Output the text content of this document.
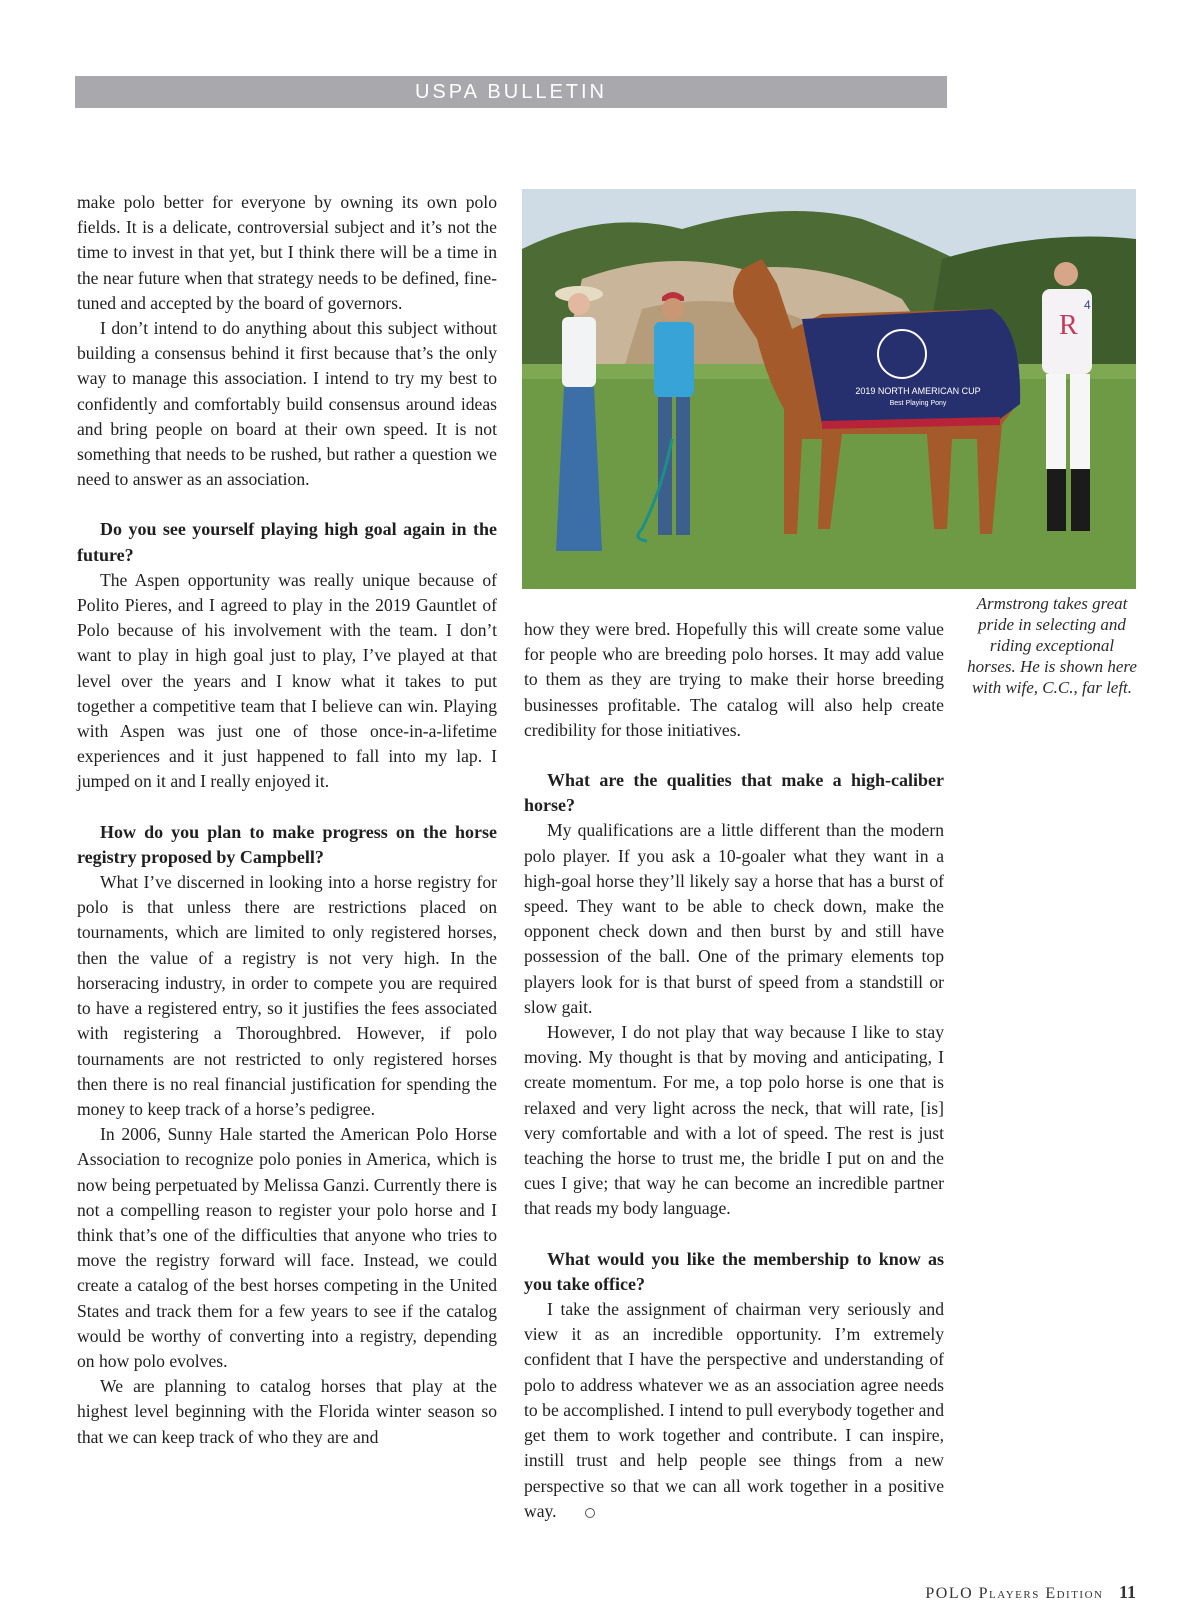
USPA BULLETIN

make polo better for everyone by owning its own polo fields. It is a delicate, controversial subject and it’s not the time to invest in that yet, but I think there will be a time in the near future when that strategy needs to be defined, fine-tuned and accepted by the board of governors.

I don’t intend to do anything about this subject without building a consensus behind it first because that’s the only way to manage this association. I intend to try my best to confidently and comfortably build consensus around ideas and bring people on board at their own speed. It is not something that needs to be rushed, but rather a question we need to answer as an association.

Do you see yourself playing high goal again in the future?

The Aspen opportunity was really unique because of Polito Pieres, and I agreed to play in the 2019 Gauntlet of Polo because of his involvement with the team. I don’t want to play in high goal just to play, I’ve played at that level over the years and I know what it takes to put together a competitive team that I believe can win. Playing with Aspen was just one of those once-in-a-lifetime experiences and it just happened to fall into my lap. I jumped on it and I really enjoyed it.

How do you plan to make progress on the horse registry proposed by Campbell?

What I’ve discerned in looking into a horse registry for polo is that unless there are restrictions placed on tournaments, which are limited to only registered horses, then the value of a registry is not very high. In the horseracing industry, in order to compete you are required to have a registered entry, so it justifies the fees associated with registering a Thoroughbred. However, if polo tournaments are not restricted to only registered horses then there is no real financial justification for spending the money to keep track of a horse’s pedigree.

In 2006, Sunny Hale started the American Polo Horse Association to recognize polo ponies in America, which is now being perpetuated by Melissa Ganzi. Currently there is not a compelling reason to register your polo horse and I think that’s one of the difficulties that anyone who tries to move the registry forward will face. Instead, we could create a catalog of the best horses competing in the United States and track them for a few years to see if the catalog would be worthy of converting into a registry, depending on how polo evolves.

We are planning to catalog horses that play at the highest level beginning with the Florida winter season so that we can keep track of who they are and

2019 NORTH AMERICAN CUP
Best Playing Pony
R
4
Armstrong takes great pride in selecting and riding exceptional horses. He is shown here with wife, C.C., far left.

how they were bred. Hopefully this will create some value for people who are breeding polo horses. It may add value to them as they are trying to make their horse breeding businesses profitable. The catalog will also help create credibility for those initiatives.

What are the qualities that make a high-caliber horse?

My qualifications are a little different than the modern polo player. If you ask a 10-goaler what they want in a high-goal horse they’ll likely say a horse that has a burst of speed. They want to be able to check down, make the opponent check down and then burst by and still have possession of the ball. One of the primary elements top players look for is that burst of speed from a standstill or slow gait.

However, I do not play that way because I like to stay moving. My thought is that by moving and anticipating, I create momentum. For me, a top polo horse is one that is relaxed and very light across the neck, that will rate, [is] very comfortable and with a lot of speed. The rest is just teaching the horse to trust me, the bridle I put on and the cues I give; that way he can become an incredible partner that reads my body language.

What would you like the membership to know as you take office?

I take the assignment of chairman very seriously and view it as an incredible opportunity. I’m extremely confident that I have the perspective and understanding of polo to address whatever we as an association agree needs to be accomplished. I intend to pull everybody together and get them to work together and contribute. I can inspire, instill trust and help people see things from a new perspective so that we can all work together in a positive way.

POLO Players Edition 11
